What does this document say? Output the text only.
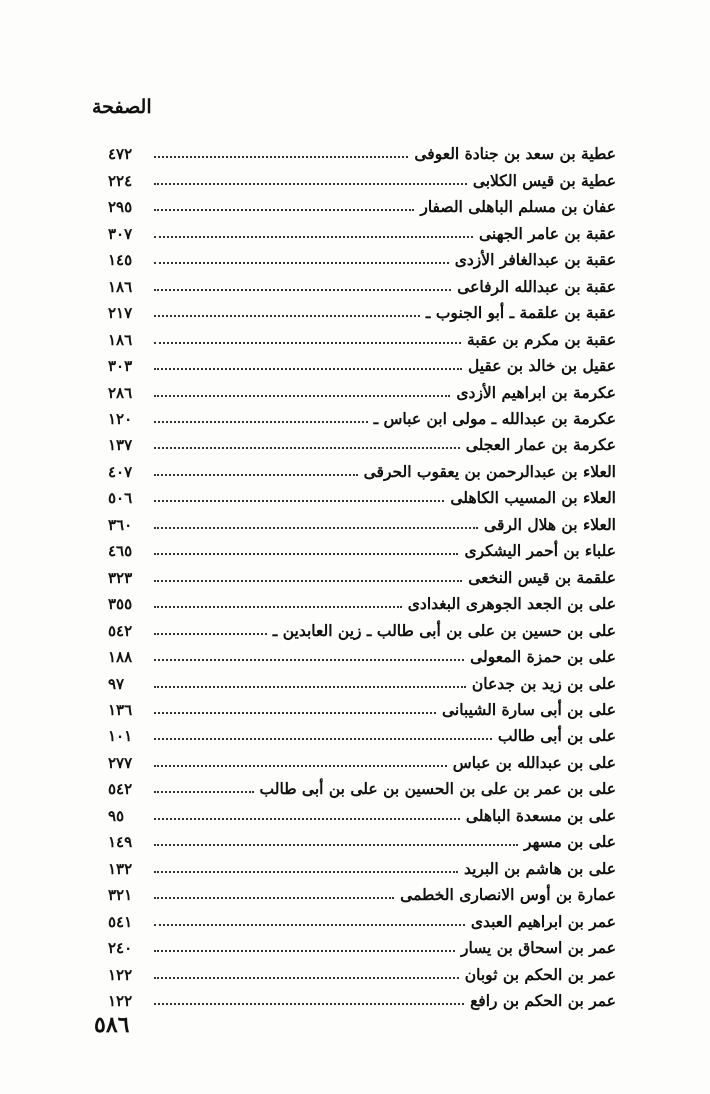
الصفحة
عطية بن سعد بن جنادة العوفى
٤٧٢
عطية بن قيس الكلابى
٢٢٤
عفان بن مسلم الباهلى الصفار
٢٩٥
عقبة بن عامر الجهنى
٣٠٧
عقبة بن عبدالغافر الأزدى
١٤٥
عقبة بن عبدالله الرفاعى
١٨٦
عقبة بن علقمة ـ أبو الجنوب ـ
٢١٧
عقبة بن مكرم بن عقبة
١٨٦
عقيل بن خالد بن عقيل
٣٠٣
عكرمة بن ابراهيم الأزدى
٢٨٦
عكرمة بن عبدالله ـ مولى ابن عباس ـ
١٢٠
عكرمة بن عمار العجلى
١٣٧
العلاء بن عبدالرحمن بن يعقوب الحرقى
٤٠٧
العلاء بن المسيب الكاهلى
٥٠٦
العلاء بن هلال الرقى
٣٦٠
علباء بن أحمر اليشكرى
٤٦٥
علقمة بن قيس النخعى
٣٢٣
على بن الجعد الجوهرى البغدادى
٣٥٥
على بن حسين بن على بن أبى طالب ـ زين العابدين ـ
٥٤٢
على بن حمزة المعولى
١٨٨
على بن زيد بن جدعان
٩٧
على بن أبى سارة الشيبانى
١٣٦
على بن أبى طالب
١٠١
على بن عبدالله بن عباس
٢٧٧
على بن عمر بن على بن الحسين بن على بن أبى طالب
٥٤٢
على بن مسعدة الباهلى
٩٥
على بن مسهر
١٤٩
على بن هاشم بن البريد
١٣٢
عمارة بن أوس الانصارى الخطمى
٣٢١
عمر بن ابراهيم العبدى
٥٤١
عمر بن اسحاق بن يسار
٢٤٠
عمر بن الحكم بن ثوبان
١٢٢
عمر بن الحكم بن رافع
١٢٢
٥٨٦
